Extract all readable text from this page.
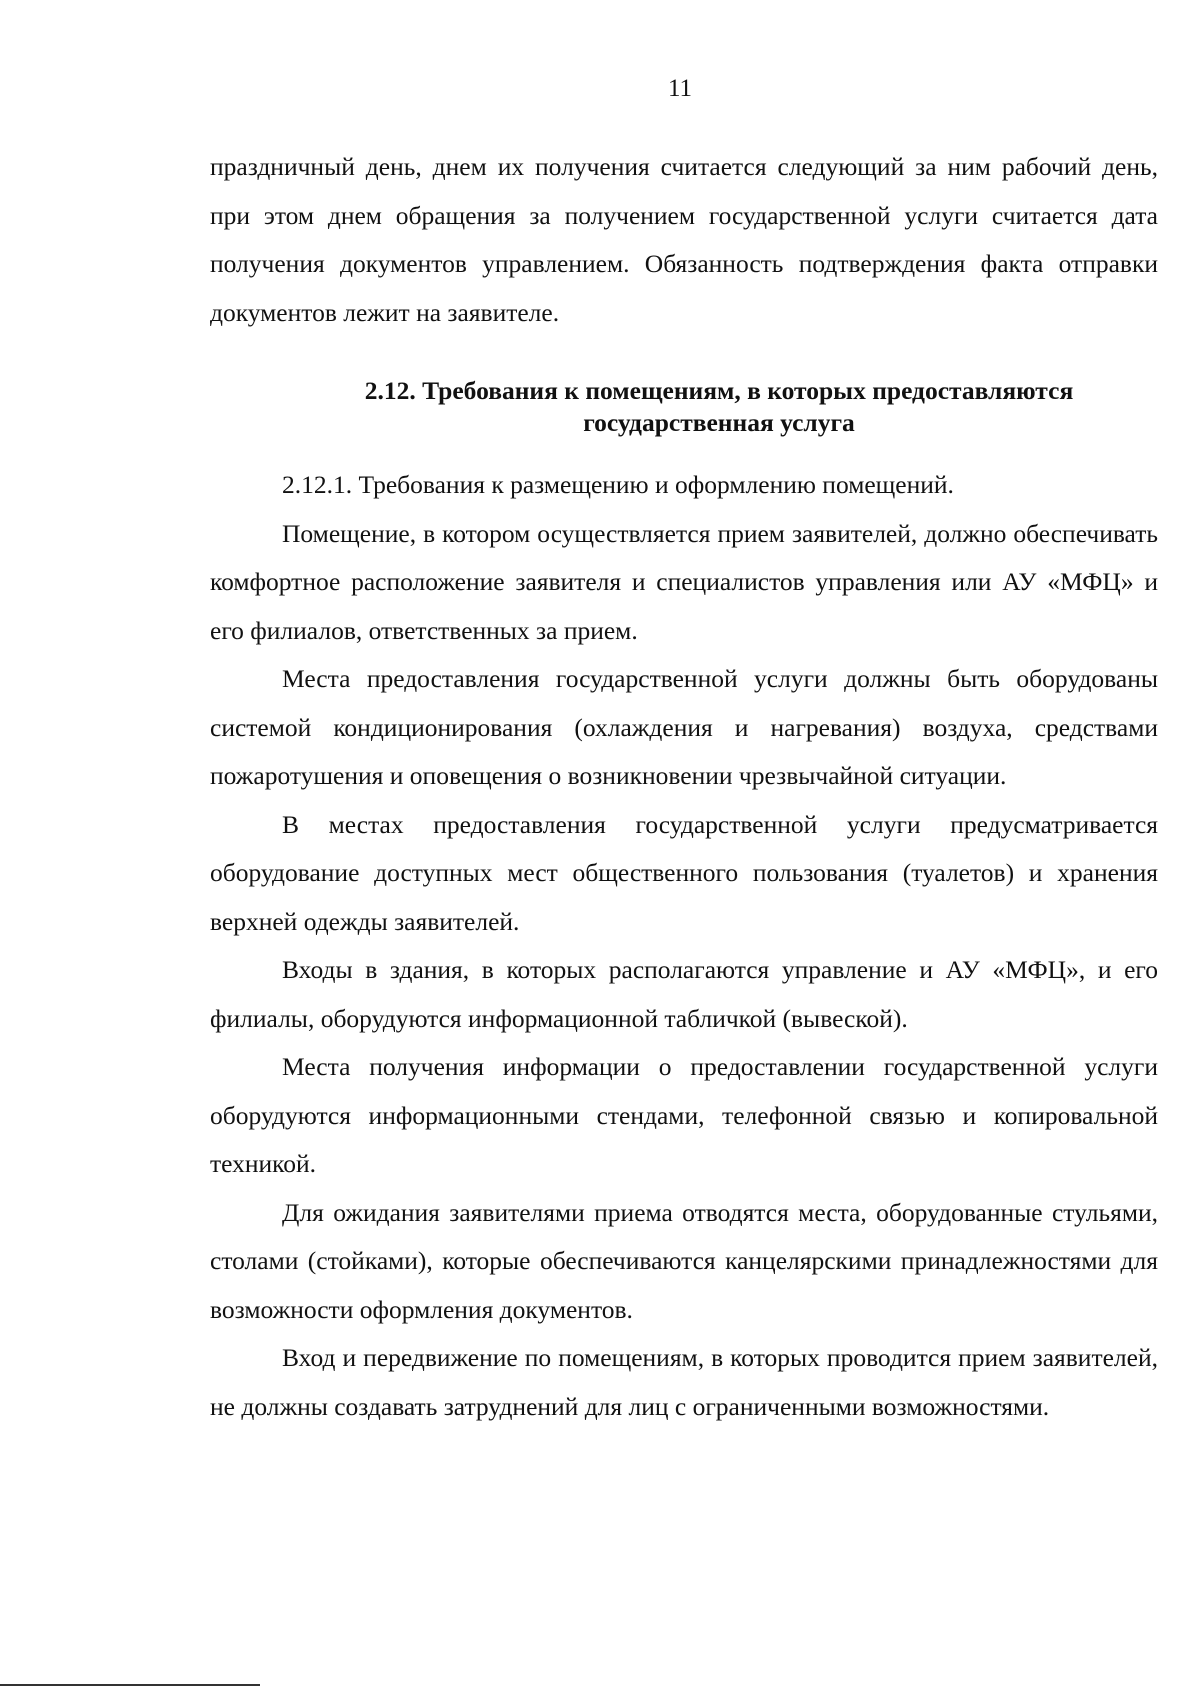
11

праздничный день, днем их получения считается следующий за ним рабочий день, при этом днем обращения за получением государственной услуги считается дата получения документов управлением. Обязанность подтверждения факта отправки документов лежит на заявителе.

2.12. Требования к помещениям, в которых предоставляются
государственная услуга

2.12.1. Требования к размещению и оформлению помещений.

Помещение, в котором осуществляется прием заявителей, должно обеспечивать комфортное расположение заявителя и специалистов управления или АУ «МФЦ» и его филиалов, ответственных за прием.

Места предоставления государственной услуги должны быть оборудованы системой кондиционирования (охлаждения и нагревания) воздуха, средствами пожаротушения и оповещения о возникновении чрезвычайной ситуации.

В местах предоставления государственной услуги предусматривается оборудование доступных мест общественного пользования (туалетов) и хранения верхней одежды заявителей.

Входы в здания, в которых располагаются управление и АУ «МФЦ», и его филиалы, оборудуются информационной табличкой (вывеской).

Места получения информации о предоставлении государственной услуги оборудуются информационными стендами, телефонной связью и копировальной техникой.

Для ожидания заявителями приема отводятся места, оборудованные стульями, столами (стойками), которые обеспечиваются канцелярскими принадлежностями для возможности оформления документов.

Вход и передвижение по помещениям, в которых проводится прием заявителей, не должны создавать затруднений для лиц с ограниченными возможностями.
